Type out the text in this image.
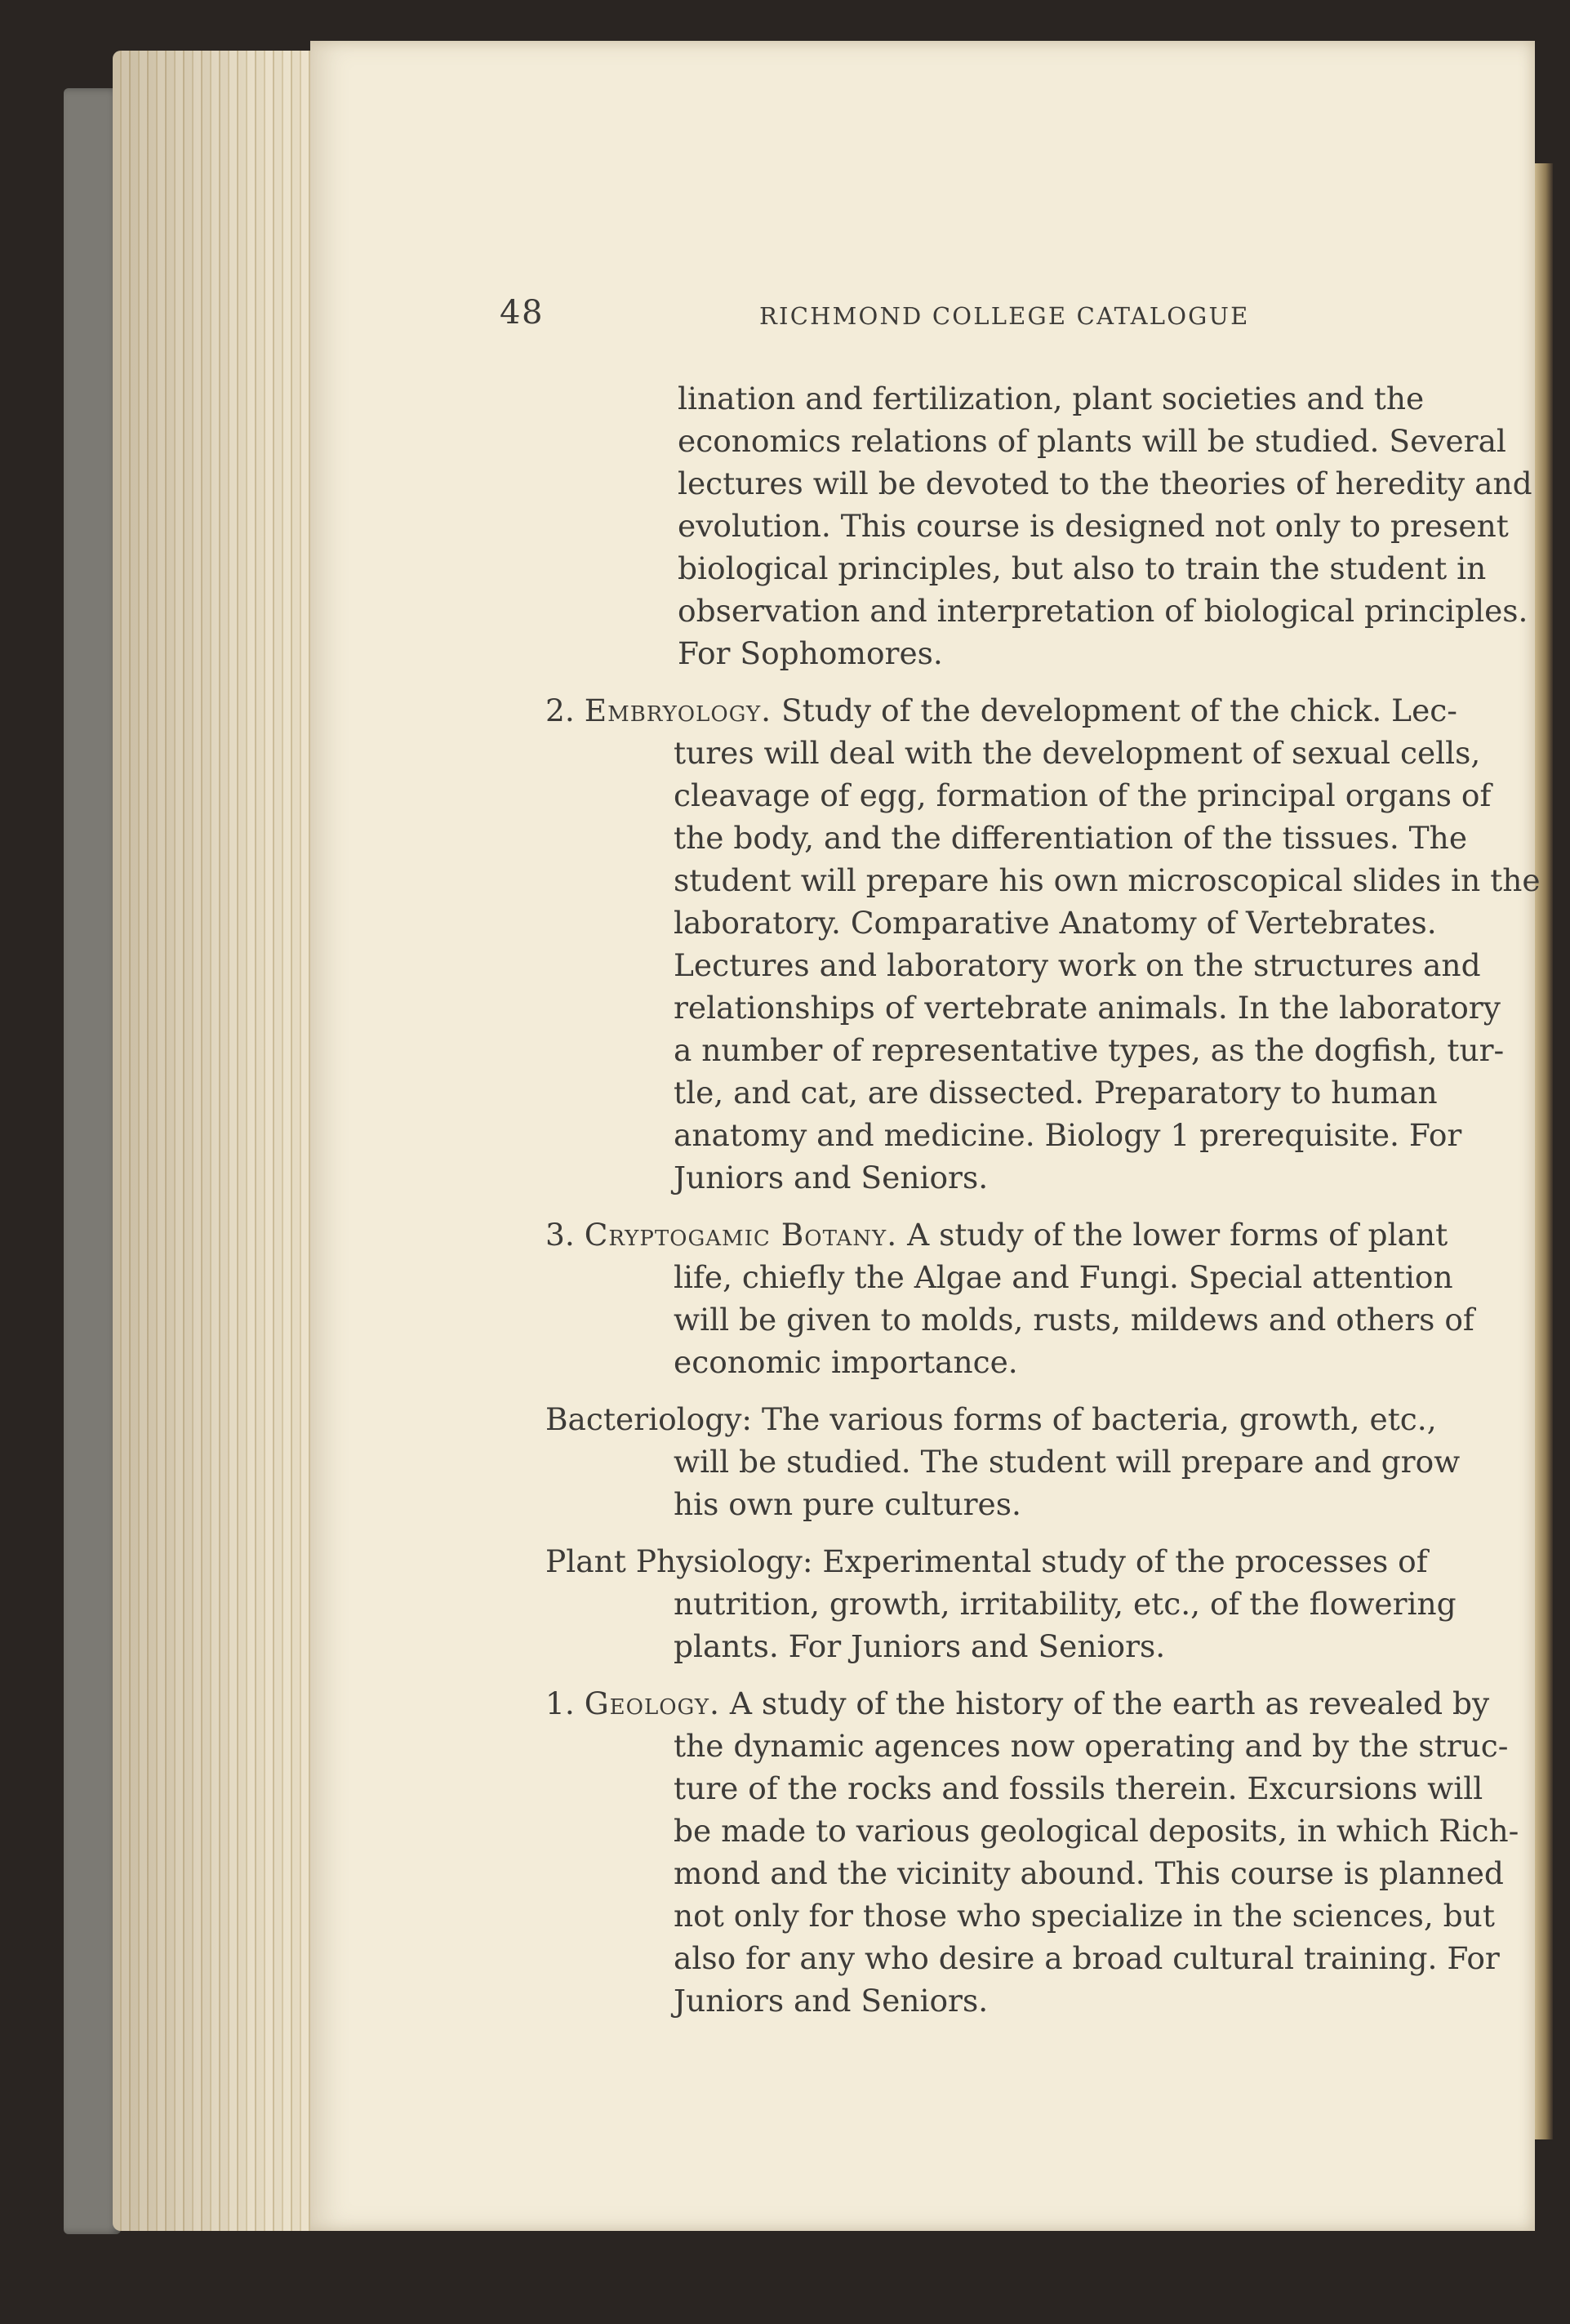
48	RICHMOND COLLEGE CATALOGUE
lination and fertilization, plant societies and the
economics relations of plants will be studied. Several
lectures will be devoted to the theories of heredity and
evolution. This course is designed not only to present
biological principles, but also to train the student in
observation and interpretation of biological principles.
For Sophomores.
2. Embryology. Study of the development of the chick. Lec-
tures will deal with the development of sexual cells,
cleavage of egg, formation of the principal organs of
the body, and the differentiation of the tissues. The
student will prepare his own microscopical slides in the
laboratory. Comparative Anatomy of Vertebrates.
Lectures and laboratory work on the structures and
relationships of vertebrate animals. In the laboratory
a number of representative types, as the dogfish, tur-
tle, and cat, are dissected. Preparatory to human
anatomy and medicine. Biology 1 prerequisite. For
Juniors and Seniors.
3. Cryptogamic Botany. A study of the lower forms of plant
life, chiefly the Algae and Fungi. Special attention
will be given to molds, rusts, mildews and others of
economic importance.
Bacteriology: The various forms of bacteria, growth, etc.,
will be studied. The student will prepare and grow
his own pure cultures.
Plant Physiology: Experimental study of the processes of
nutrition, growth, irritability, etc., of the flowering
plants. For Juniors and Seniors.
1. Geology. A study of the history of the earth as revealed by
the dynamic agences now operating and by the struc-
ture of the rocks and fossils therein. Excursions will
be made to various geological deposits, in which Rich-
mond and the vicinity abound. This course is planned
not only for those who specialize in the sciences, but
also for any who desire a broad cultural training. For
Juniors and Seniors.
